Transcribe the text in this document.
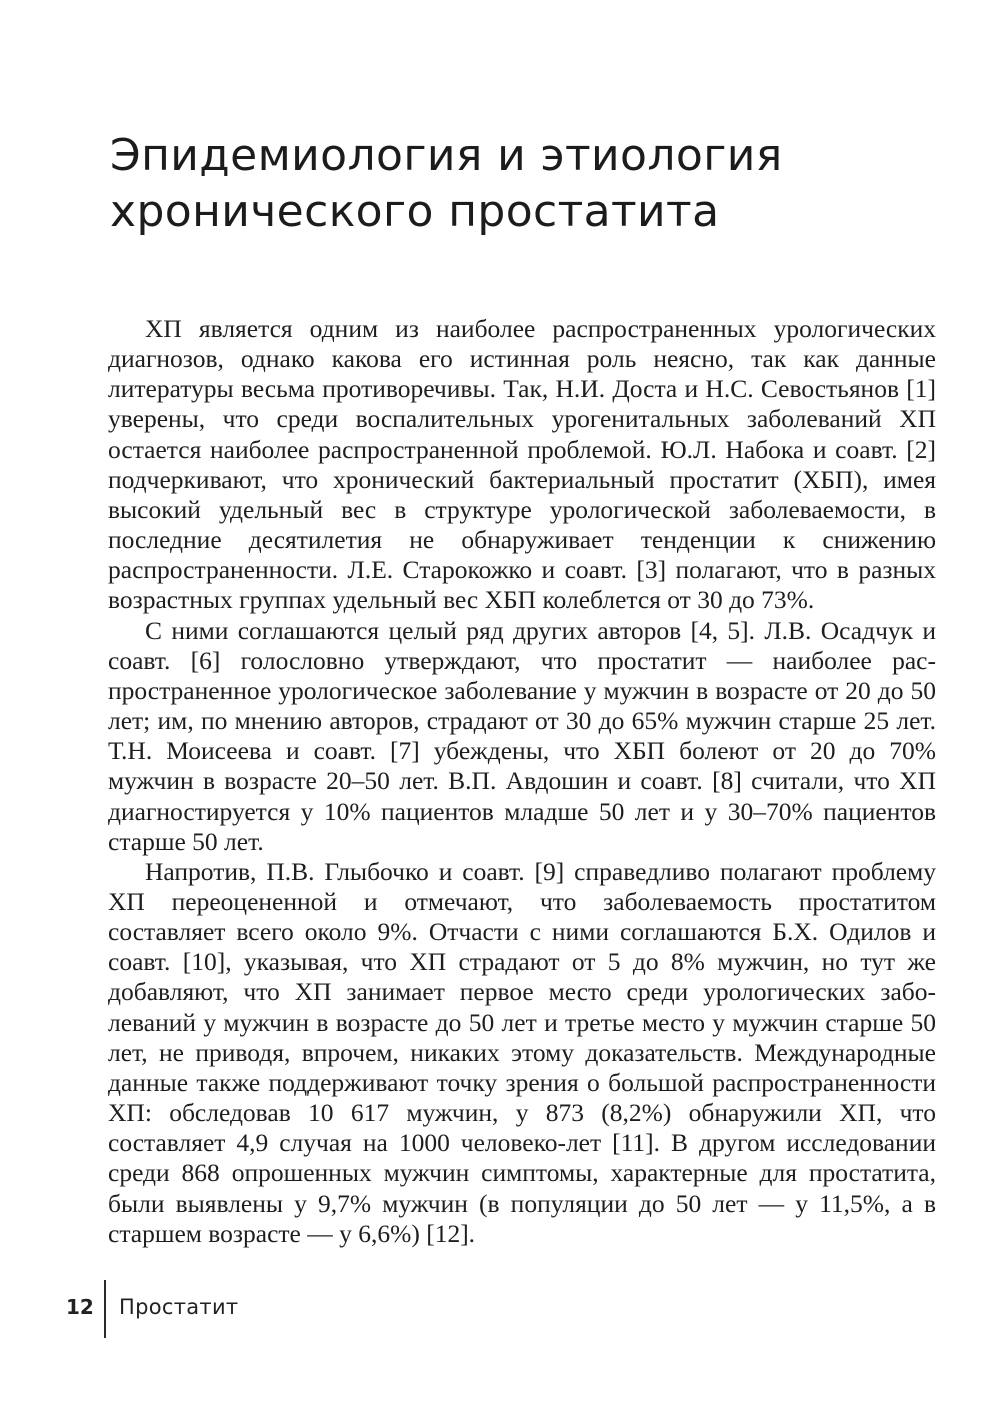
Эпидемиология и этиология
хронического простатита

ХП является одним из наиболее распространенных урологических диагнозов, однако какова его истинная роль неясно, так как данные литературы весьма противоречивы. Так, Н.И. Доста и Н.С. Севостьянов [1] уверены, что среди воспалительных урогенитальных заболеваний ХП остается наиболее распространенной проблемой. Ю.Л. Набока и соавт. [2] подчеркивают, что хронический бактериальный простатит (ХБП), имея высокий удельный вес в структуре урологической заболеваемости, в последние десятилетия не обнаруживает тенденции к снижению распространенности. Л.Е. Старокожко и соавт. [3] полагают, что в разных возрастных группах удельный вес ХБП колеблется от 30 до 73%.

С ними соглашаются целый ряд других авторов [4, 5]. Л.В. Осадчук и соавт. [6] голословно утверждают, что простатит — наиболее распространенное урологическое заболевание у мужчин в возрасте от 20 до 50 лет; им, по мнению авторов, страдают от 30 до 65% мужчин старше 25 лет. Т.Н. Моисеева и соавт. [7] убеждены, что ХБП болеют от 20 до 70% мужчин в возрасте 20–50 лет. В.П. Авдошин и соавт. [8] считали, что ХП диагностируется у 10% пациентов младше 50 лет и у 30–70% пациентов старше 50 лет.

Напротив, П.В. Глыбочко и соавт. [9] справедливо полагают проблему ХП переоцененной и отмечают, что заболеваемость простатитом составляет всего около 9%. Отчасти с ними соглашаются Б.Х. Одилов и соавт. [10], указывая, что ХП страдают от 5 до 8% мужчин, но тут же добавляют, что ХП занимает первое место среди урологических заболеваний у мужчин в возрасте до 50 лет и третье место у мужчин старше 50 лет, не приводя, впрочем, никаких этому доказательств. Международные данные также поддерживают точку зрения о большой распространенности ХП: обследовав 10 617 мужчин, у 873 (8,2%) обнаружили ХП, что составляет 4,9 случая на 1000 человеко-лет [11]. В другом исследовании среди 868 опрошенных мужчин симптомы, характерные для простатита, были выявлены у 9,7% мужчин (в популяции до 50 лет — у 11,5%, а в старшем возрасте — у 6,6%) [12].

12 Простатит
